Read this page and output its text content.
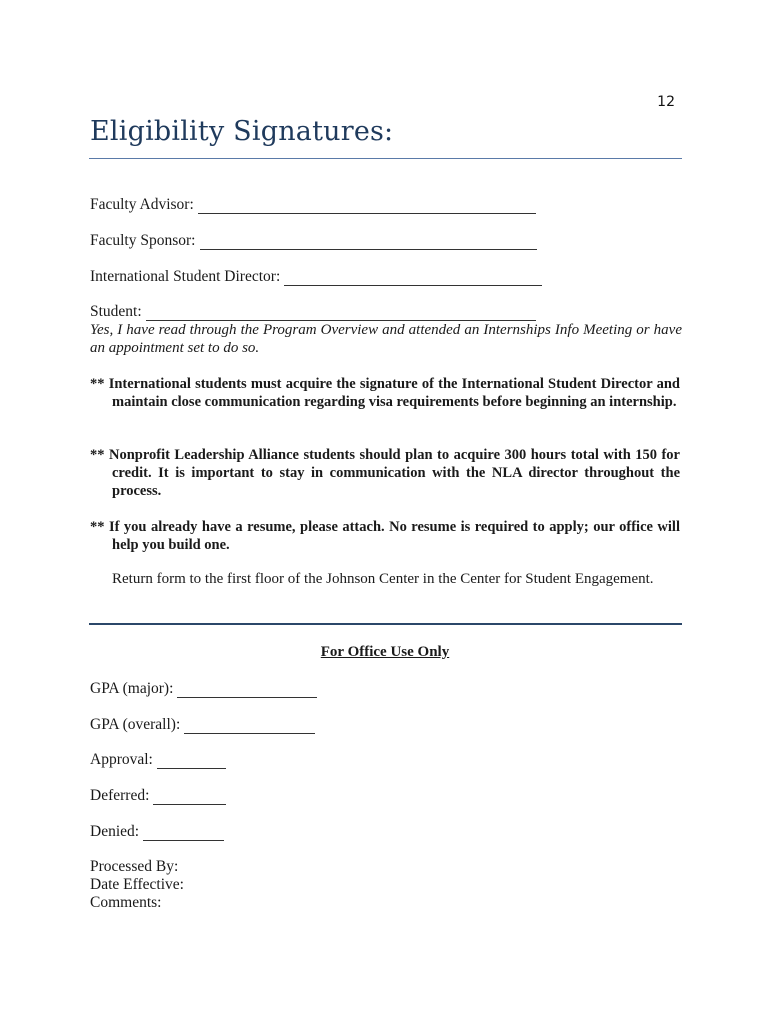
12
Eligibility Signatures:
Faculty Advisor:
Faculty Sponsor:
International Student Director:
Student:
Yes, I have read through the Program Overview and attended an Internships Info Meeting or have an appointment set to do so.
** International students must acquire the signature of the International Student Director and maintain close communication regarding visa requirements before beginning an internship.
** Nonprofit Leadership Alliance students should plan to acquire 300 hours total with 150 for credit. It is important to stay in communication with the NLA director throughout the process.
** If you already have a resume, please attach. No resume is required to apply; our office will help you build one.
Return form to the first floor of the Johnson Center in the Center for Student Engagement.
For Office Use Only
GPA (major):
GPA (overall):
Approval:
Deferred:
Denied:
Processed By:
Date Effective:
Comments:
